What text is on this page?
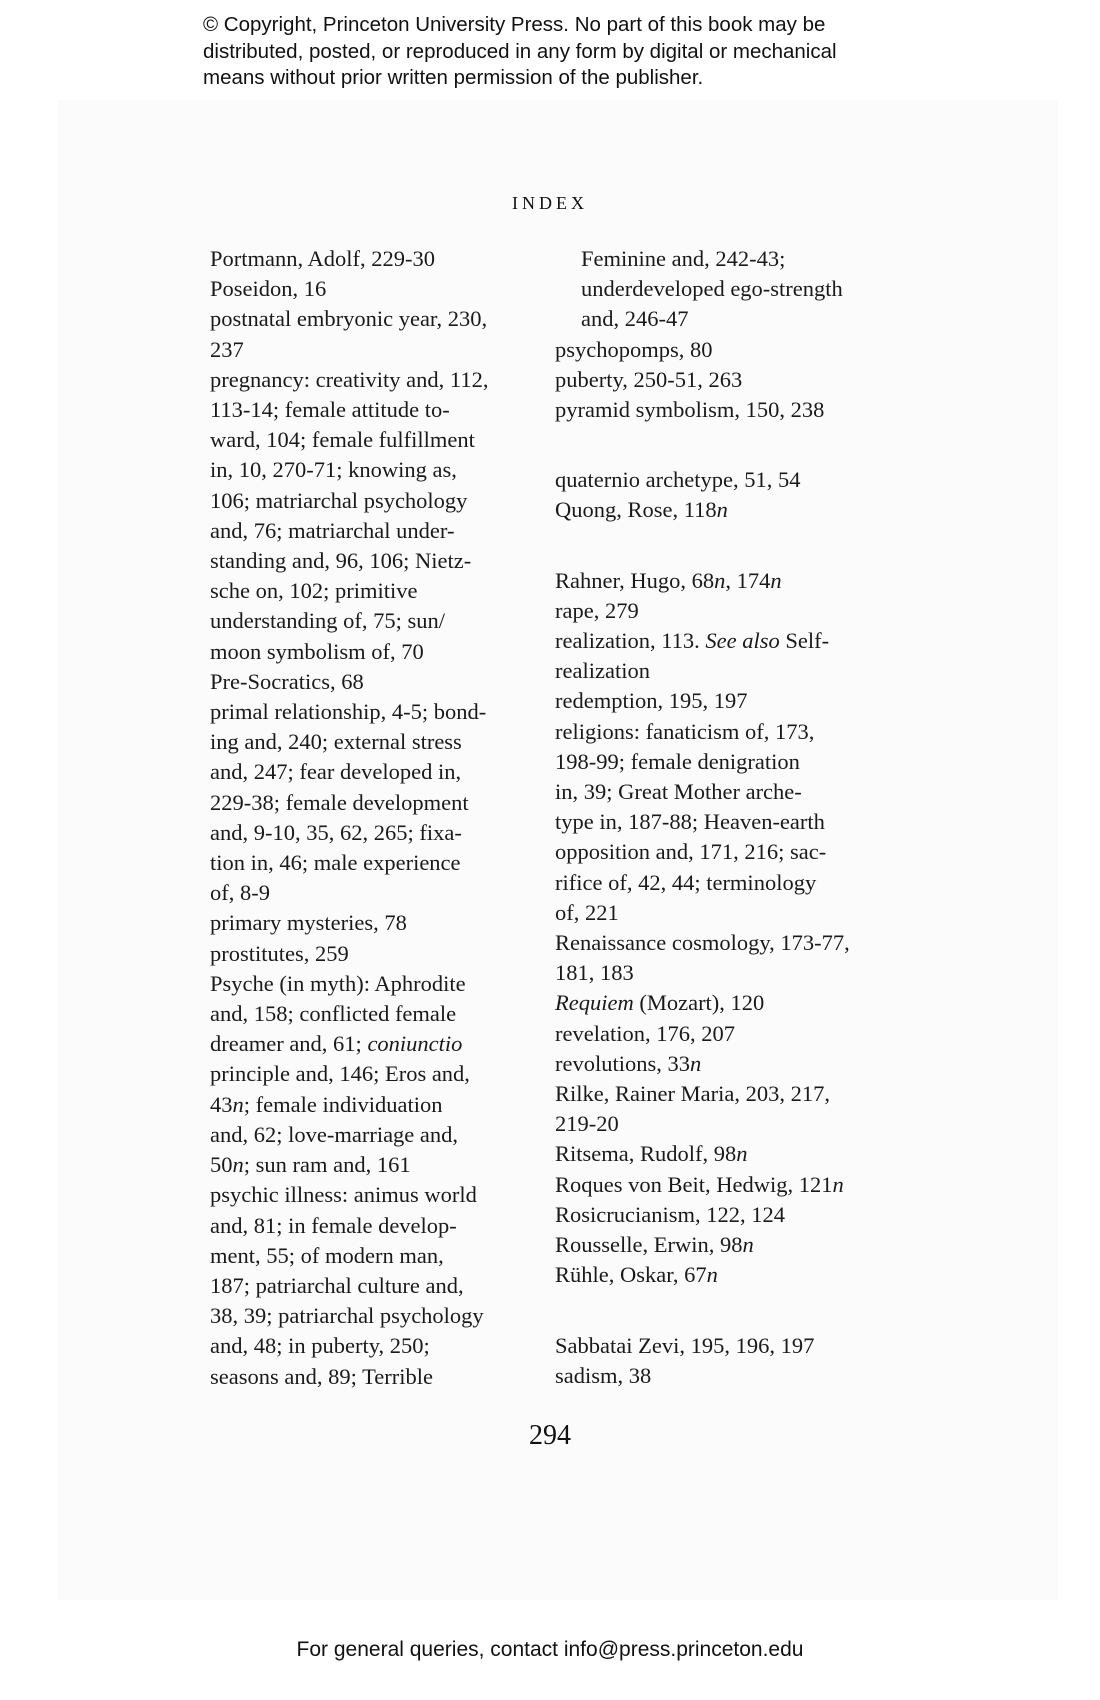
© Copyright, Princeton University Press. No part of this book may be
distributed, posted, or reproduced in any form by digital or mechanical
means without prior written permission of the publisher.
INDEX
Portmann, Adolf, 229-30
Poseidon, 16
postnatal embryonic year, 230,
237
pregnancy: creativity and, 112,
113-14; female attitude to-
ward, 104; female fulfillment
in, 10, 270-71; knowing as,
106; matriarchal psychology
and, 76; matriarchal under-
standing and, 96, 106; Nietz-
sche on, 102; primitive
understanding of, 75; sun/
moon symbolism of, 70
Pre-Socratics, 68
primal relationship, 4-5; bond-
ing and, 240; external stress
and, 247; fear developed in,
229-38; female development
and, 9-10, 35, 62, 265; fixa-
tion in, 46; male experience
of, 8-9
primary mysteries, 78
prostitutes, 259
Psyche (in myth): Aphrodite
and, 158; conflicted female
dreamer and, 61; coniunctio
principle and, 146; Eros and,
43n; female individuation
and, 62; love-marriage and,
50n; sun ram and, 161
psychic illness: animus world
and, 81; in female develop-
ment, 55; of modern man,
187; patriarchal culture and,
38, 39; patriarchal psychology
and, 48; in puberty, 250;
seasons and, 89; Terrible
Feminine and, 242-43;
underdeveloped ego-strength
and, 246-47
psychopomps, 80
puberty, 250-51, 263
pyramid symbolism, 150, 238
quaternio archetype, 51, 54
Quong, Rose, 118n
Rahner, Hugo, 68n, 174n
rape, 279
realization, 113. See also Self-
realization
redemption, 195, 197
religions: fanaticism of, 173,
198-99; female denigration
in, 39; Great Mother arche-
type in, 187-88; Heaven-earth
opposition and, 171, 216; sac-
rifice of, 42, 44; terminology
of, 221
Renaissance cosmology, 173-77,
181, 183
Requiem (Mozart), 120
revelation, 176, 207
revolutions, 33n
Rilke, Rainer Maria, 203, 217,
219-20
Ritsema, Rudolf, 98n
Roques von Beit, Hedwig, 121n
Rosicrucianism, 122, 124
Rousselle, Erwin, 98n
Rühle, Oskar, 67n
Sabbatai Zevi, 195, 196, 197
sadism, 38
294
For general queries, contact info@press.princeton.edu
